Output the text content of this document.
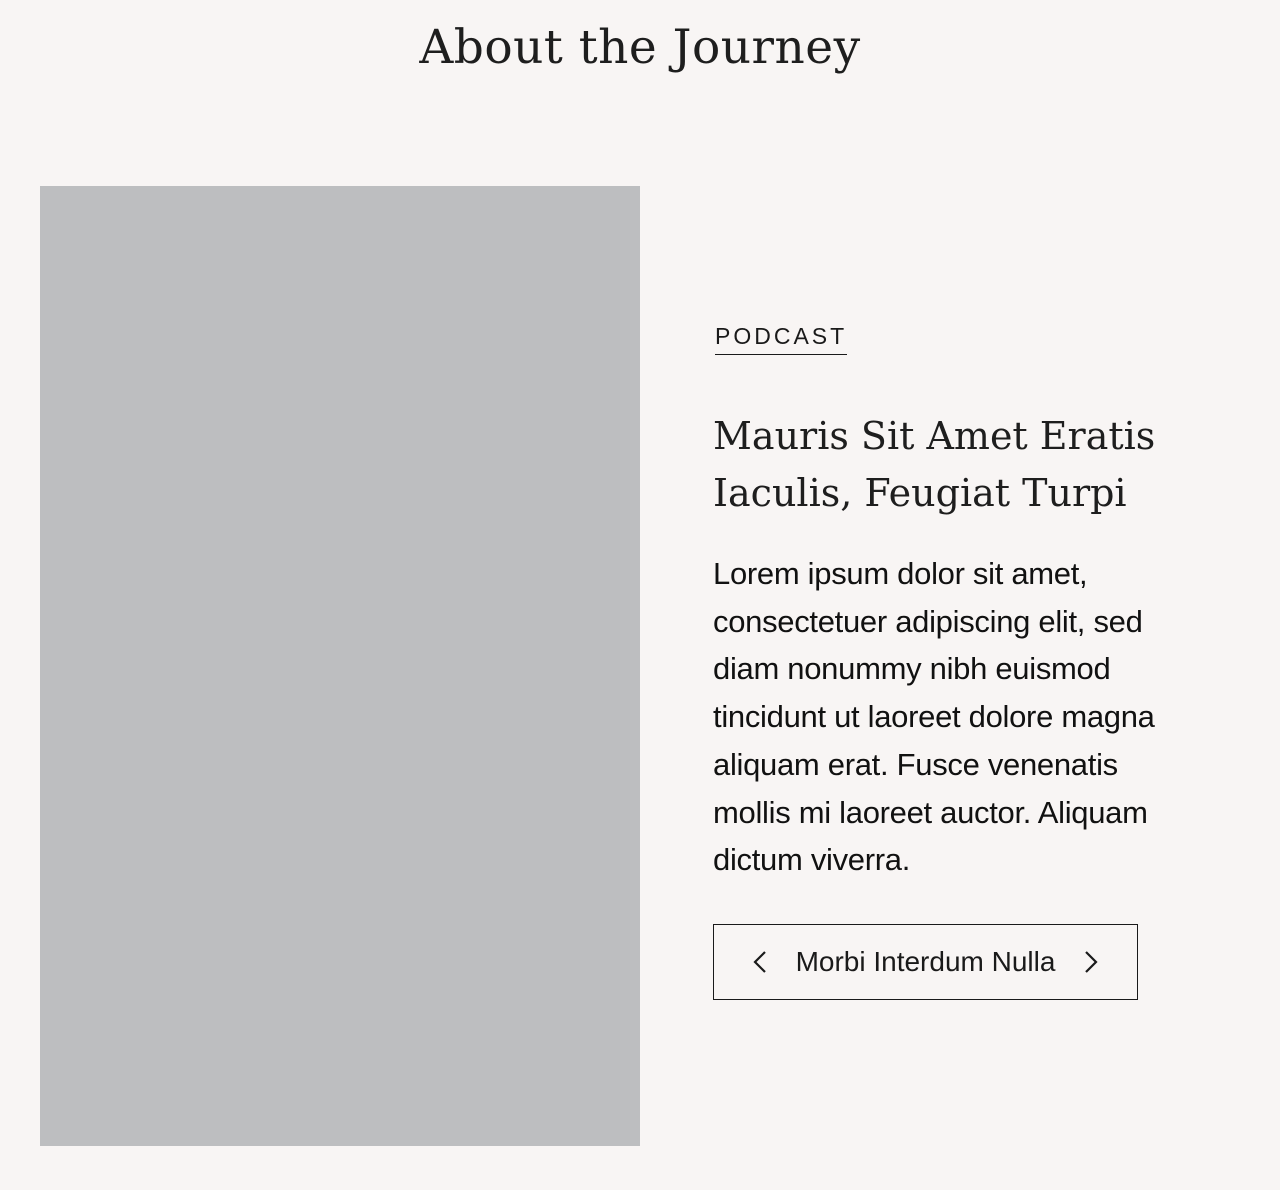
About the Journey
PODCAST
Mauris Sit Amet Eratis Iaculis, Feugiat Turpi

Lorem ipsum dolor sit amet, consectetuer adipiscing elit, sed diam nonummy nibh euismod tincidunt ut laoreet dolore magna aliquam erat. Fusce venenatis mollis mi laoreet auctor. Aliquam dictum viverra.

Morbi Interdum Nulla
